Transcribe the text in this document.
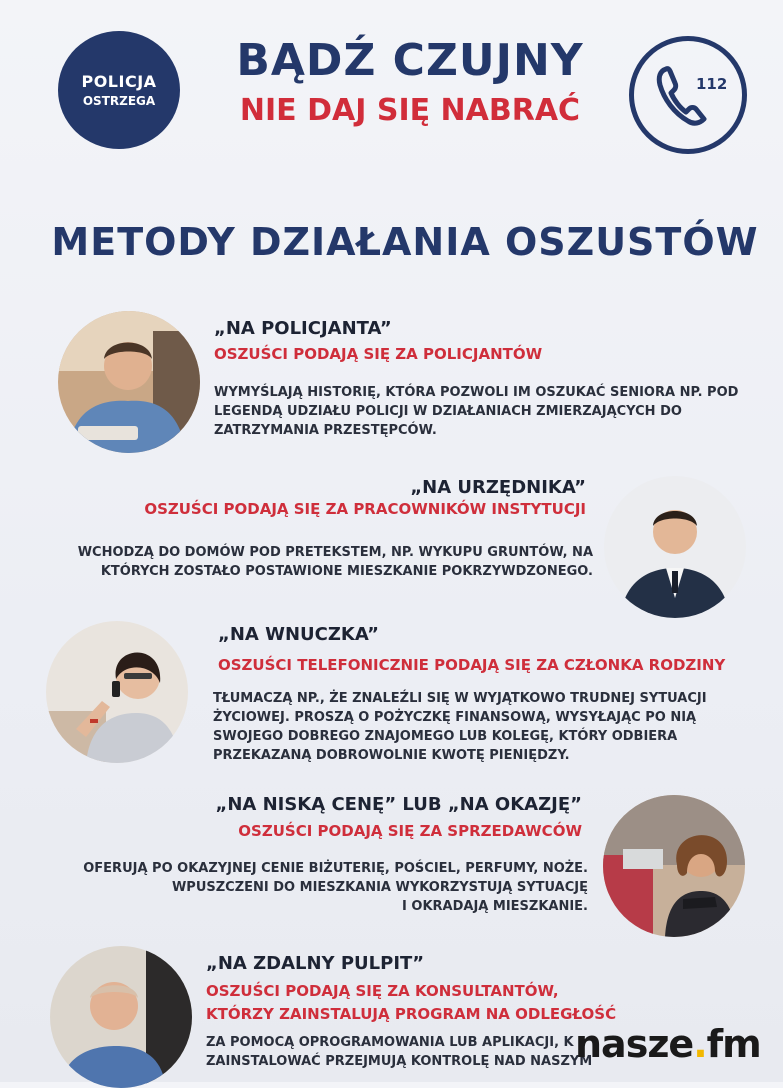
POLICJA
OSTRZEGA
BĄDŹ CZUJNY
NIE DAJ SIĘ NABRAĆ
112
METODY DZIAŁANIA OSZUSTÓW
„NA POLICJANTA”
OSZUŚCI PODAJĄ SIĘ ZA POLICJANTÓW
WYMYŚLAJĄ HISTORIĘ, KTÓRA POZWOLI IM OSZUKAĆ SENIORA NP. POD
LEGENDĄ UDZIAŁU POLICJI W DZIAŁANIACH ZMIERZAJĄCYCH DO
ZATRZYMANIA PRZESTĘPCÓW.
„NA URZĘDNIKA”
OSZUŚCI PODAJĄ SIĘ ZA PRACOWNIKÓW INSTYTUCJI
WCHODZĄ DO DOMÓW POD PRETEKSTEM, NP. WYKUPU GRUNTÓW, NA
KTÓRYCH ZOSTAŁO POSTAWIONE MIESZKANIE POKRZYWDZONEGO.
„NA WNUCZKA”
OSZUŚCI TELEFONICZNIE PODAJĄ SIĘ ZA CZŁONKA RODZINY
TŁUMACZĄ NP., ŻE ZNALEŹLI SIĘ W WYJĄTKOWO TRUDNEJ SYTUACJI
ŻYCIOWEJ. PROSZĄ O POŻYCZKĘ FINANSOWĄ, WYSYŁAJĄC PO NIĄ
SWOJEGO DOBREGO ZNAJOMEGO LUB KOLEGĘ, KTÓRY ODBIERA
PRZEKAZANĄ DOBROWOLNIE KWOTĘ PIENIĘDZY.
„NA NISKĄ CENĘ” LUB „NA OKAZJĘ”
OSZUŚCI PODAJĄ SIĘ ZA SPRZEDAWCÓW
OFERUJĄ PO OKAZYJNEJ CENIE BIŻUTERIĘ, POŚCIEL, PERFUMY, NOŻE.
WPUSZCZENI DO MIESZKANIA WYKORZYSTUJĄ SYTUACJĘ
I OKRADAJĄ MIESZKANIE.
„NA ZDALNY PULPIT”
OSZUŚCI PODAJĄ SIĘ ZA KONSULTANTÓW,
KTÓRZY ZAINSTALUJĄ PROGRAM NA ODLEGŁOŚĆ
ZA POMOCĄ OPROGRAMOWANIA LUB APLIKACJI, K
ZAINSTALOWAĆ PRZEJMUJĄ KONTROLĘ NAD NASZYM
nasze.fm
